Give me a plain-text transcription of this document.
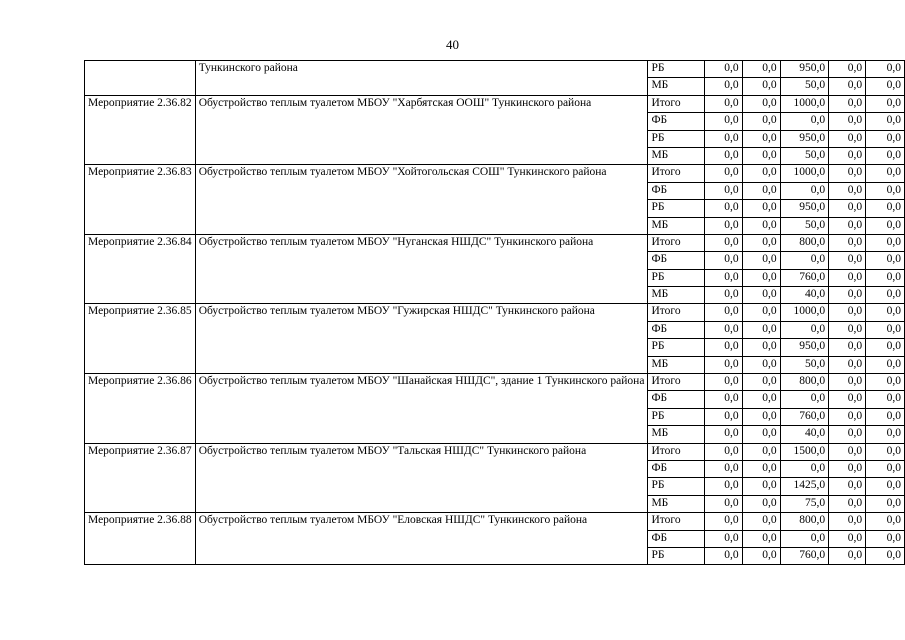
40
	Тункинского района	РБ	0,0	0,0	950,0	0,0	0,0
		МБ	0,0	0,0	50,0	0,0	0,0
Мероприятие 2.36.82	Обустройство теплым туалетом МБОУ "Харбятская ООШ" Тункинского района	Итого	0,0	0,0	1000,0	0,0	0,0
		ФБ	0,0	0,0	0,0	0,0	0,0
		РБ	0,0	0,0	950,0	0,0	0,0
		МБ	0,0	0,0	50,0	0,0	0,0
Мероприятие 2.36.83	Обустройство теплым туалетом МБОУ "Хойтогольская СОШ" Тункинского района	Итого	0,0	0,0	1000,0	0,0	0,0
		ФБ	0,0	0,0	0,0	0,0	0,0
		РБ	0,0	0,0	950,0	0,0	0,0
		МБ	0,0	0,0	50,0	0,0	0,0
Мероприятие 2.36.84	Обустройство теплым туалетом МБОУ "Нуганская НШДС" Тункинского района	Итого	0,0	0,0	800,0	0,0	0,0
		ФБ	0,0	0,0	0,0	0,0	0,0
		РБ	0,0	0,0	760,0	0,0	0,0
		МБ	0,0	0,0	40,0	0,0	0,0
Мероприятие 2.36.85	Обустройство теплым туалетом МБОУ "Гужирская НШДС" Тункинского района	Итого	0,0	0,0	1000,0	0,0	0,0
		ФБ	0,0	0,0	0,0	0,0	0,0
		РБ	0,0	0,0	950,0	0,0	0,0
		МБ	0,0	0,0	50,0	0,0	0,0
Мероприятие 2.36.86	Обустройство теплым туалетом МБОУ "Шанайская НШДС", здание 1 Тункинского района	Итого	0,0	0,0	800,0	0,0	0,0
		ФБ	0,0	0,0	0,0	0,0	0,0
		РБ	0,0	0,0	760,0	0,0	0,0
		МБ	0,0	0,0	40,0	0,0	0,0
Мероприятие 2.36.87	Обустройство теплым туалетом МБОУ "Тальская НШДС" Тункинского района	Итого	0,0	0,0	1500,0	0,0	0,0
		ФБ	0,0	0,0	0,0	0,0	0,0
		РБ	0,0	0,0	1425,0	0,0	0,0
		МБ	0,0	0,0	75,0	0,0	0,0
Мероприятие 2.36.88	Обустройство теплым туалетом МБОУ "Еловская НШДС" Тункинского района	Итого	0,0	0,0	800,0	0,0	0,0
		ФБ	0,0	0,0	0,0	0,0	0,0
		РБ	0,0	0,0	760,0	0,0	0,0
